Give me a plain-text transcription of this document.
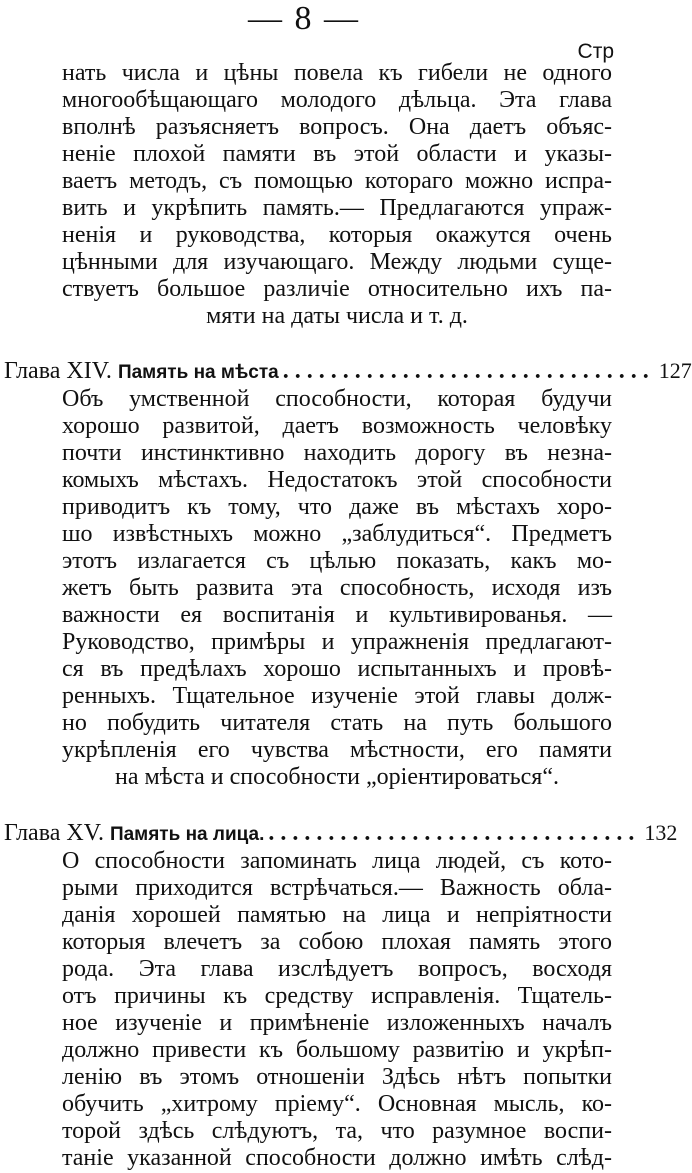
— 8 —
Стр
нать числа и цѣны повела къ гибели не одного
многообѣщающаго молодого дѣльца. Эта глава
вполнѣ разъясняетъ вопросъ. Она даетъ объяс-
неніе плохой памяти въ этой области и указы-
ваетъ методъ, съ помощью котораго можно испра-
вить и укрѣпить память.— Предлагаются упраж-
ненія и руководства, которыя окажутся очень
цѣнными для изучающаго. Между людьми суще-
ствуетъ большое различіе относительно ихъ па-
мяти на даты числа и т. д.
Глава XIV. Память на мѣста ............................... 127
Объ умственной способности, которая будучи
хорошо развитой, даетъ возможность человѣку
почти инстинктивно находить дорогу въ незна-
комыхъ мѣстахъ. Недостатокъ этой способности
приводитъ къ тому, что даже въ мѣстахъ хоро-
шо извѣстныхъ можно „заблудиться“. Предметъ
этотъ излагается съ цѣлью показать, какъ мо-
жетъ быть развита эта способность, исходя изъ
важности ея воспитанія и культивированья. —
Руководство, примѣры и упражненія предлагают-
ся въ предѣлахъ хорошо испытанныхъ и провѣ-
ренныхъ. Тщательное изученіе этой главы долж-
но побудить читателя стать на путь большого
укрѣпленія его чувства мѣстности, его памяти
на мѣста и способности „оріентироваться“.
Глава XV. Память на лица. ............................... 132
О способности запоминать лица людей, съ кото-
рыми приходится встрѣчаться.— Важность обла-
данія хорошей памятью на лица и непріятности
которыя влечетъ за собою плохая память этого
рода. Эта глава изслѣдуетъ вопросъ, восходя
отъ причины къ средству исправленія. Тщатель-
ное изученіе и примѣненіе изложенныхъ началъ
должно привести къ большому развитію и укрѣп-
ленію въ этомъ отношеніи Здѣсь нѣтъ попытки
обучить „хитрому пріему“. Основная мысль, ко-
торой здѣсь слѣдуютъ, та, что разумное воспи-
таніе указанной способности должно имѣть слѣд-
